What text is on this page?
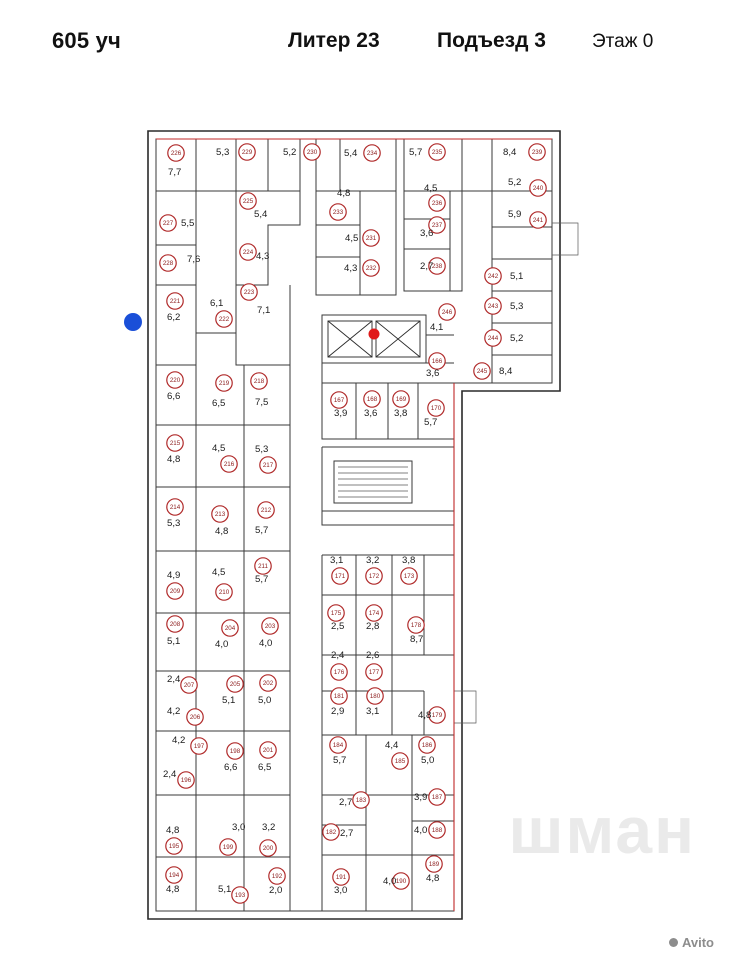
605 уч	Литер 23	Подъезд 3 Этаж 0
226
7,7
229
5,3	230
5,2	234
5,4	235
5,7	239
8,4
240
5,2
241
5,9
225
5,4	233
4,8
231
4,5
232
4,3
236
4,5
237
3,6
238
2,7
227 5,5
228 7,6
224 4,3
223
7,1
222
6,1
221
6,2
220
6,6
219
6,5
218
7,5
215
4,8	216
4,5
217
5,3
214
5,3
213
4,8
212
5,7
209
4,9
210
4,5
211
5,7
208
5,1
204
4,0
203
4,0
207
2,4	205
5,1
202
5,0
206
4,2
197
4,2
198
6,6
201
6,5
196
2,4
195
4,8
199
3,0
200
3,2
194
4,8
193
5,1
192
2,0
242 5,1
243 5,3
244 5,2
245 8,4
246
4,1
166
3,6
167
3,9
168
3,6
169
3,8	170
5,7
171
3,1
172
3,2
173
3,8
175
2,5
174
2,8	178
8,7
176
2,4
177
2,6
181
2,9
180
3,1	179
4,8
184
5,7	185
4,4	186
5,0
183
2,7	187
3,9
182 2,7	188
4,0
189
4,8
191
3,0
190
4,0
шман
Avito
